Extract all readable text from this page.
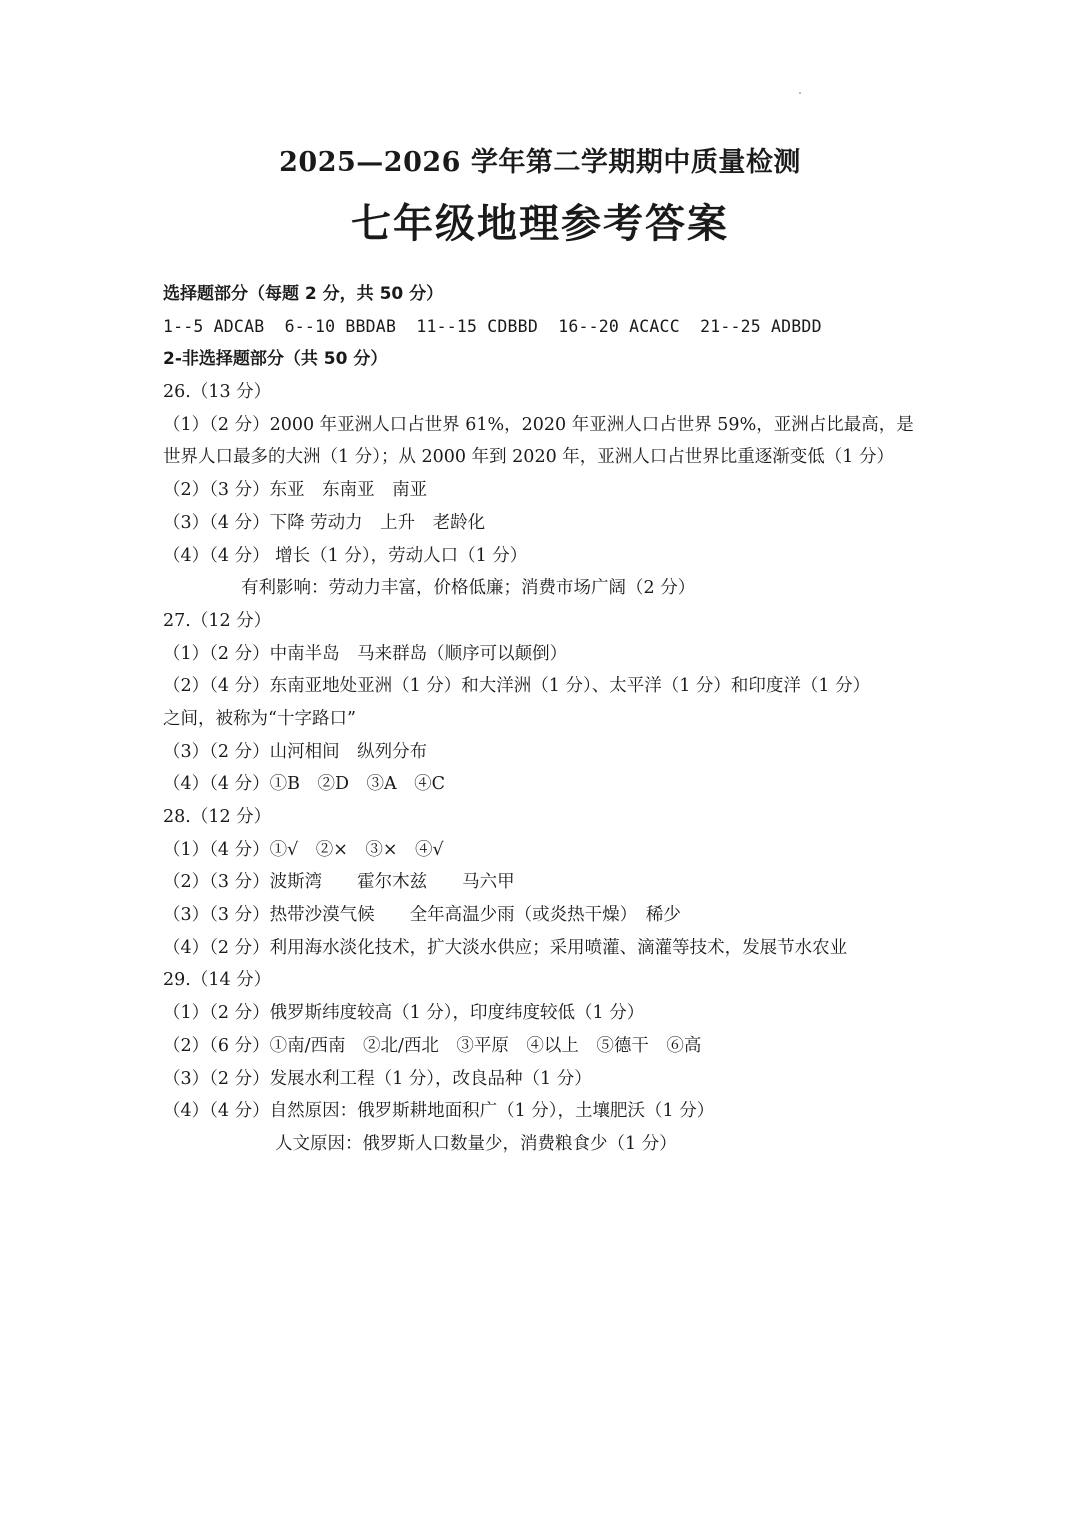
2025—2026 学年第二学期期中质量检测
七年级地理参考答案
选择题部分（每题 2 分，共 50 分）
1--5 ADCAB  6--10 BBDAB  11--15 CDBBD  16--20 ACACC  21--25 ADBDD
2-非选择题部分（共 50 分）
26.（13 分）
（1）（2 分）2000 年亚洲人口占世界 61%，2020 年亚洲人口占世界 59%，亚洲占比最高，是
世界人口最多的大洲（1 分）；从 2000 年到 2020 年，亚洲人口占世界比重逐渐变低（1 分）
（2）（3 分）东亚　东南亚　南亚
（3）（4 分）下降 劳动力　上升　老龄化
（4）（4 分） 增长（1 分），劳动人口（1 分）
有利影响：劳动力丰富，价格低廉；消费市场广阔（2 分）
27.（12 分）
（1）（2 分）中南半岛　马来群岛（顺序可以颠倒）
（2）（4 分）东南亚地处亚洲（1 分）和大洋洲（1 分）、太平洋（1 分）和印度洋（1 分）
之间，被称为“十字路口”
（3）（2 分）山河相间　纵列分布
（4）（4 分）①B　②D　③A　④C
28.（12 分）
（1）（4 分）①√　②×　③×　④√
（2）（3 分）波斯湾　　霍尔木兹　　马六甲
（3）（3 分）热带沙漠气候　　全年高温少雨（或炎热干燥）　稀少
（4）（2 分）利用海水淡化技术，扩大淡水供应；采用喷灌、滴灌等技术，发展节水农业
29.（14 分）
（1）（2 分）俄罗斯纬度较高（1 分），印度纬度较低（1 分）
（2）（6 分）①南/西南　②北/西北　③平原　④以上　⑤德干　⑥高
（3）（2 分）发展水利工程（1 分），改良品种（1 分）
（4）（4 分）自然原因：俄罗斯耕地面积广（1 分），土壤肥沃（1 分）
人文原因：俄罗斯人口数量少，消费粮食少（1 分）
